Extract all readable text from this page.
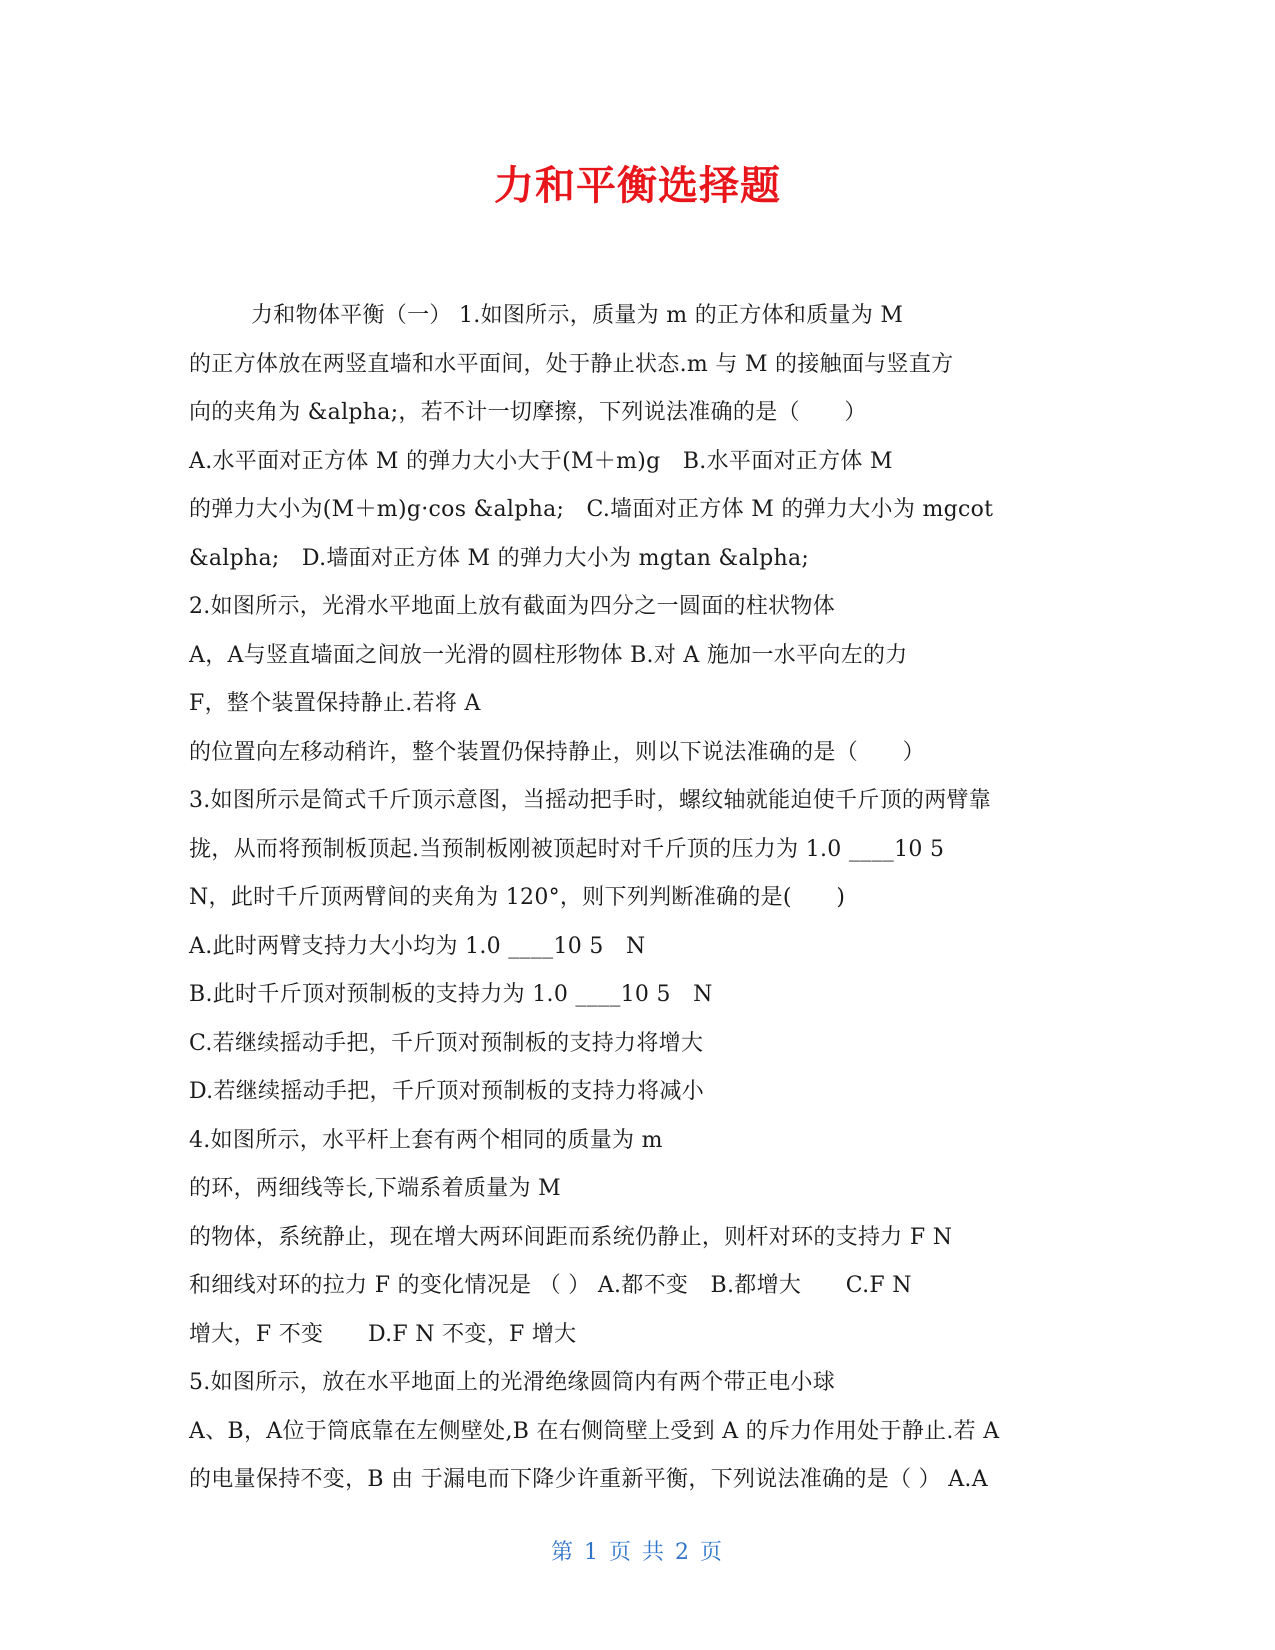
力和平衡选择题
力和物体平衡（一） 1.如图所示，质量为 m 的正方体和质量为 M
的正方体放在两竖直墙和水平面间，处于静止状态.m 与 M 的接触面与竖直方
向的夹角为 &alpha;，若不计一切摩擦，下列说法准确的是（　　）
A.水平面对正方体 M 的弹力大小大于(M＋m)g　B.水平面对正方体 M
的弹力大小为(M＋m)g·cos &alpha;　C.墙面对正方体 M 的弹力大小为 mgcot
&alpha;　D.墙面对正方体 M 的弹力大小为 mgtan &alpha;
2.如图所示，光滑水平地面上放有截面为四分之一圆面的柱状物体
A，A与竖直墙面之间放一光滑的圆柱形物体 B.对 A 施加一水平向左的力
F，整个装置保持静止.若将 A
的位置向左移动稍许，整个装置仍保持静止，则以下说法准确的是（　　）
3.如图所示是简式千斤顶示意图，当摇动把手时，螺纹轴就能迫使千斤顶的两臂靠
拢，从而将预制板顶起.当预制板刚被顶起时对千斤顶的压力为 1.0 ____10 5
N，此时千斤顶两臂间的夹角为 120°，则下列判断准确的是(　　)
A.此时两臂支持力大小均为 1.0 ____10 5　N
B.此时千斤顶对预制板的支持力为 1.0 ____10 5　N
C.若继续摇动手把，千斤顶对预制板的支持力将增大
D.若继续摇动手把，千斤顶对预制板的支持力将减小
4.如图所示，水平杆上套有两个相同的质量为 m
的环，两细线等长,下端系着质量为 M
的物体，系统静止，现在增大两环间距而系统仍静止，则杆对环的支持力 F N
和细线对环的拉力 F 的变化情况是 （ ） A.都不变　B.都增大　　C.F N
增大，F 不变　　D.F N 不变，F 增大
5.如图所示，放在水平地面上的光滑绝缘圆筒内有两个带正电小球
A、B，A位于筒底靠在左侧壁处,B 在右侧筒壁上受到 A 的斥力作用处于静止.若 A
的电量保持不变，B 由 于漏电而下降少许重新平衡，下列说法准确的是（ ） A.A
第 1 页 共 2 页
